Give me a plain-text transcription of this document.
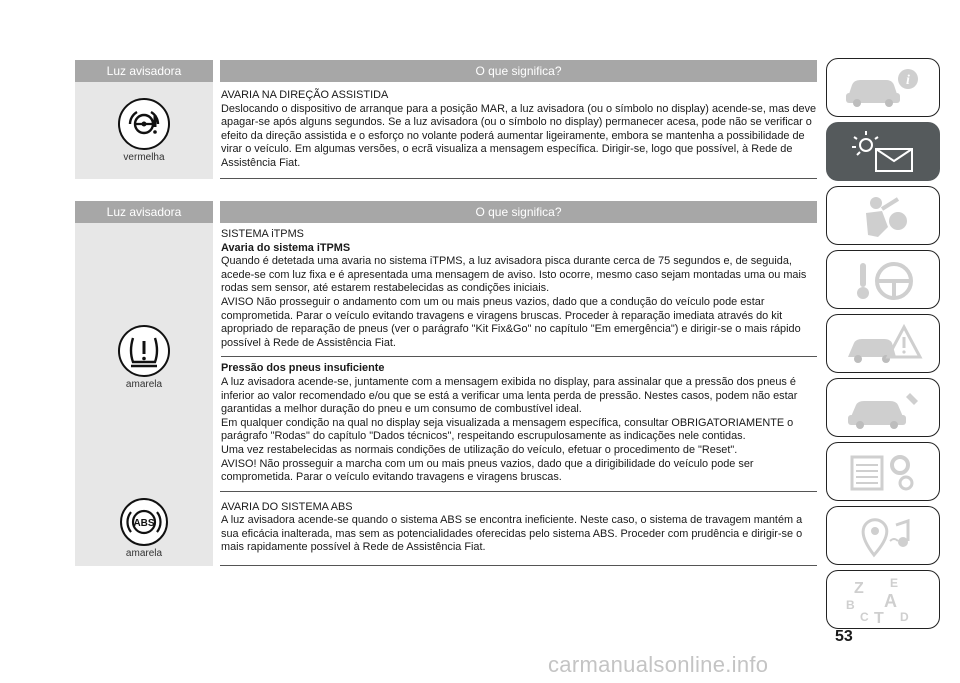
Luz avisadora	O que significa?
vermelha

AVARIA NA DIREÇÃO ASSISTIDA

Deslocando o dispositivo de arranque para a posição MAR, a luz avisadora (ou o símbolo no display) acende-se, mas deve apagar-se após alguns segundos. Se a luz avisadora (ou o símbolo no display) permanecer acesa, pode não se verificar o efeito da direção assistida e o esforço no volante poderá aumentar ligeiramente, embora se mantenha a possibilidade de virar o veículo. Em algumas versões, o ecrã visualiza a mensagem específica. Dirigir-se, logo que possível, à Rede de Assistência Fiat.

Luz avisadora	O que significa?
amarela

SISTEMA iTPMS

Avaria do sistema iTPMS

Quando é detetada uma avaria no sistema iTPMS, a luz avisadora pisca durante cerca de 75 segundos e, de seguida, acede-se com luz fixa e é apresentada uma mensagem de aviso. Isto ocorre, mesmo caso sejam montadas uma ou mais rodas sem sensor, até estarem restabelecidas as condições iniciais.

AVISO Não prosseguir o andamento com um ou mais pneus vazios, dado que a condução do veículo pode estar comprometida. Parar o veículo evitando travagens e viragens bruscas. Proceder à reparação imediata através do kit apropriado de reparação de pneus (ver o parágrafo "Kit Fix&Go" no capítulo "Em emergência") e dirigir-se o mais rápido possível à Rede de Assistência Fiat.

Pressão dos pneus insuficiente

A luz avisadora acende-se, juntamente com a mensagem exibida no display, para assinalar que a pressão dos pneus é inferior ao valor recomendado e/ou que se está a verificar uma lenta perda de pressão. Nestes casos, podem não estar garantidas a melhor duração do pneu e um consumo de combustível ideal.

Em qualquer condição na qual no display seja visualizada a mensagem específica, consultar OBRIGATORIAMENTE o parágrafo "Rodas" do capítulo "Dados técnicos", respeitando escrupulosamente as indicações nele contidas.

Uma vez restabelecidas as normais condições de utilização do veículo, efetuar o procedimento de "Reset".

AVISO! Não prosseguir a marcha com um ou mais pneus vazios, dado que a dirigibilidade do veículo pode ser comprometida. Parar o veículo evitando travagens e viragens bruscas.

ABS
amarela

AVARIA DO SISTEMA ABS

A luz avisadora acende-se quando o sistema ABS se encontra ineficiente. Neste caso, o sistema de travagem mantém a sua eficácia inalterada, mas sem as potencialidades oferecidas pelo sistema ABS. Proceder com prudência e dirigir-se o mais rapidamente possível à Rede de Assistência Fiat.

i
Z E
B A
C T D
53
carmanualsonline.info
